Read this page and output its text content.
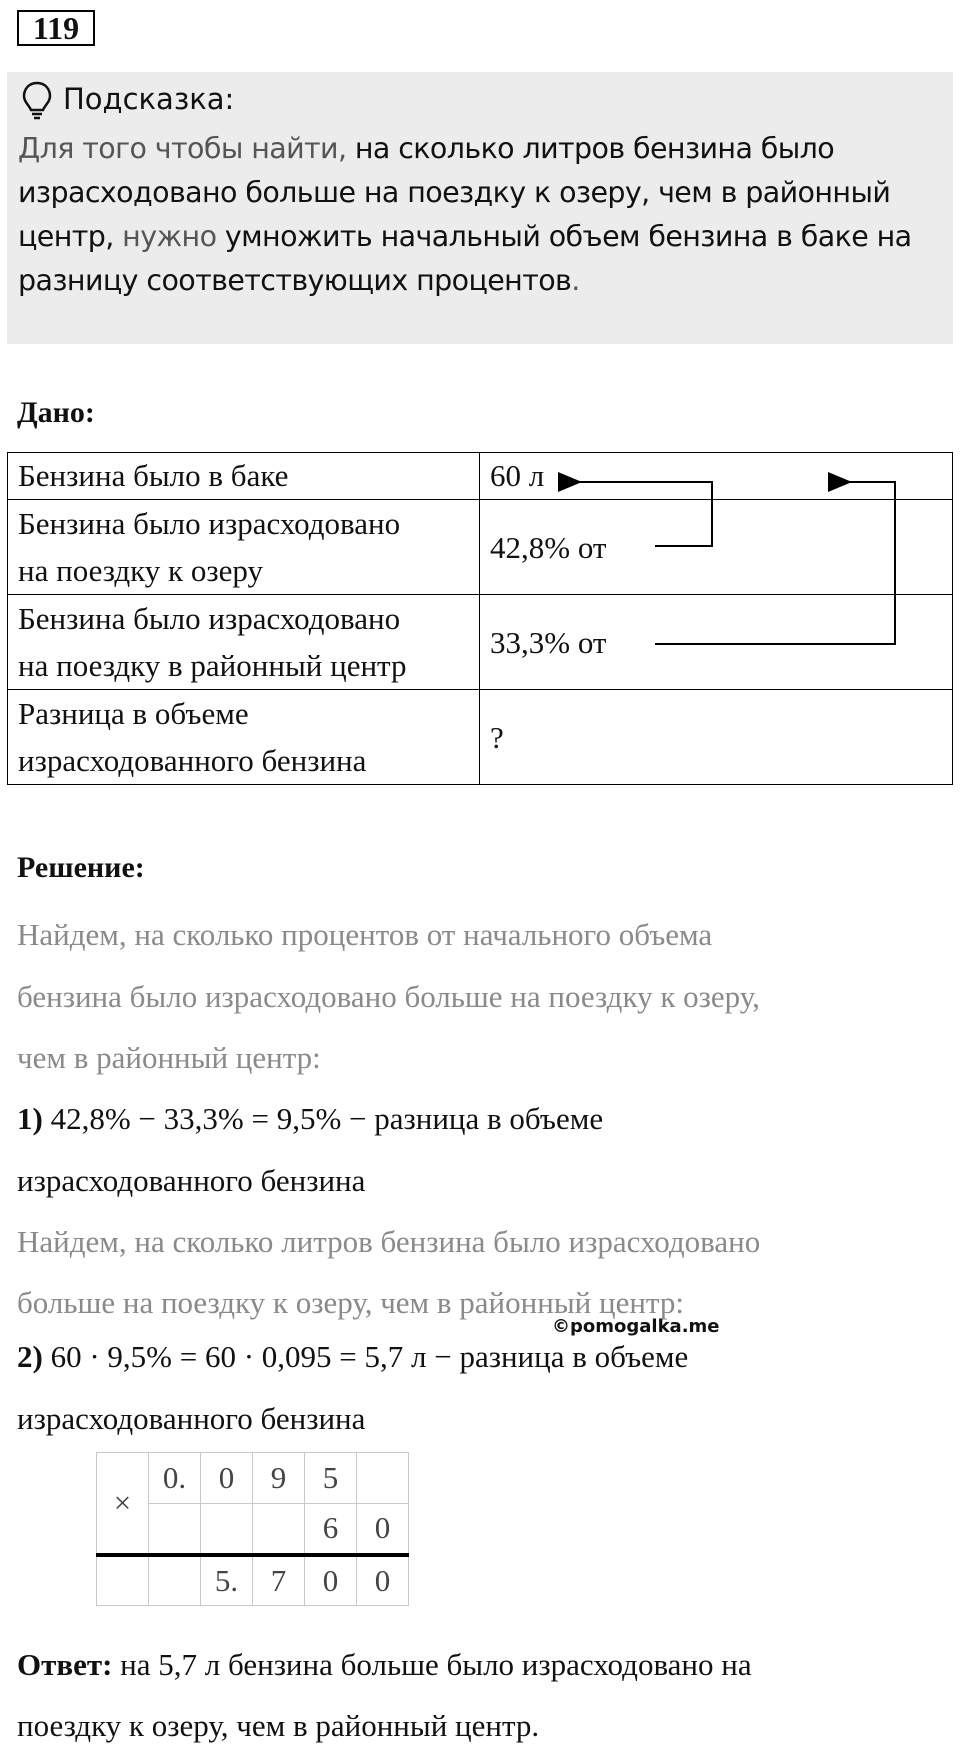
119
Подсказка:
Для того чтобы найти, на сколько литров бензина было израсходовано больше на поездку к озеру, чем в районный центр, нужно умножить начальный объем бензина в баке на разницу соответствующих процентов.
Дано:
Бензина было в баке	60 л
Бензина было израсходовано
на поездку к озеру	42,8% от
Бензина было израсходовано
на поездку в районный центр	33,3% от
Разница в объеме
израсходованного бензина	?
Решение:
Найдем, на сколько процентов от начального объема
бензина было израсходовано больше на поездку к озеру,
чем в районный центр:
1) 42,8% − 33,3% = 9,5% − разница в объеме
израсходованного бензина
Найдем, на сколько литров бензина было израсходовано
больше на поездку к озеру, чем в районный центр:
©pomogalka.me
2) 60 · 9,5% = 60 · 0,095 = 5,7 л − разница в объеме
израсходованного бензина
×	0.	0	9	5	
				6	0
		5.	7	0	0
Ответ: на 5,7 л бензина больше было израсходовано на
поездку к озеру, чем в районный центр.
